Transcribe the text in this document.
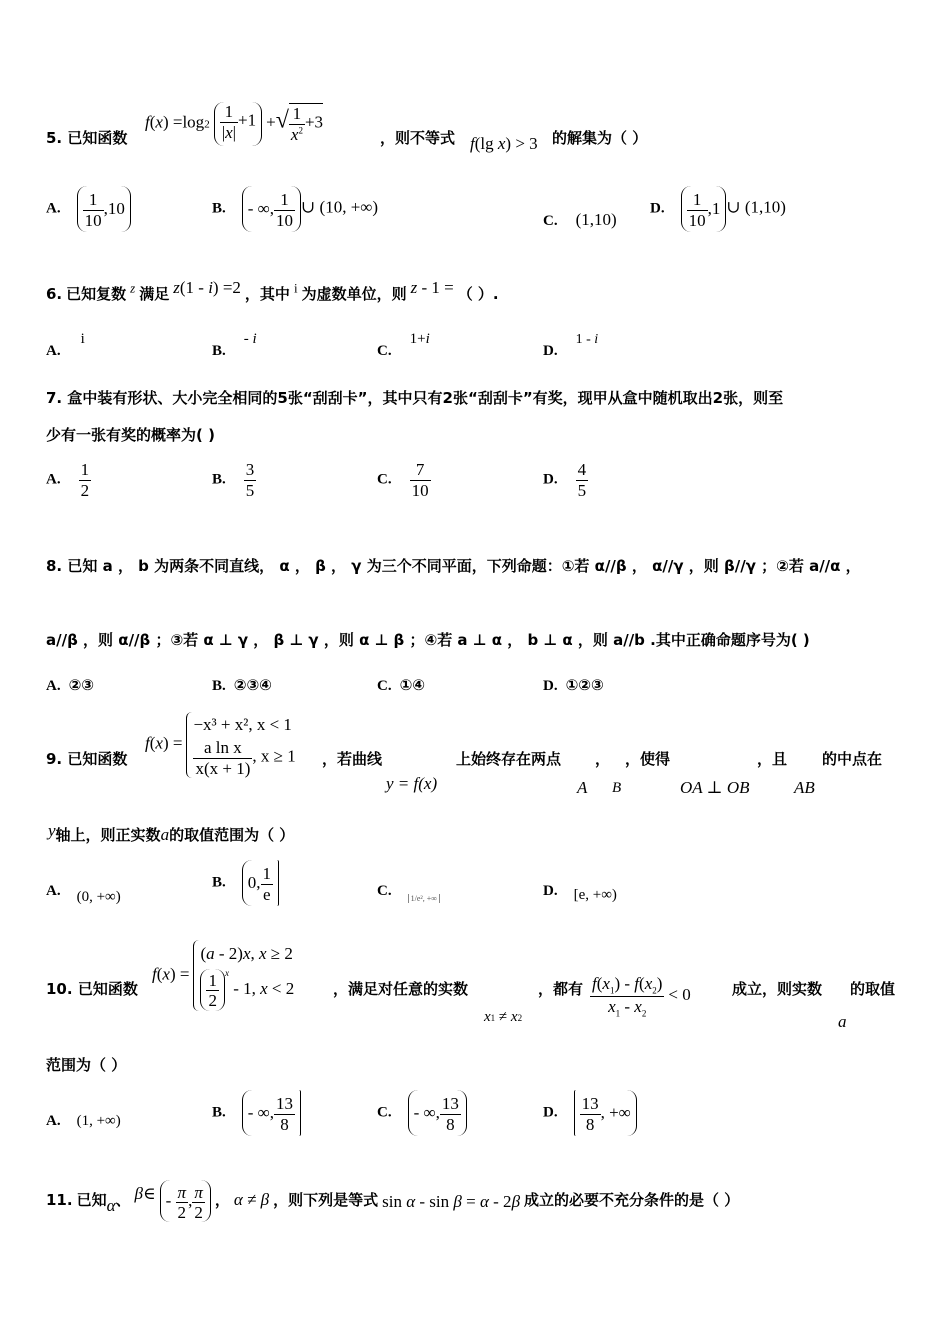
5. 已知函数
$f(x) =\log 2 \frac{1}{|x|} +1$ +√ $\frac{1}{x^2} +3$
，则不等式 f(lg x) > 3 的解集为（ ）
A. $\frac{1}{10} ,10$	B. - ∞, $\frac{1}{10}$ ∪ (10, +∞)
C. (1,10)
D. $\frac{1}{10} ,1$ ∪ (1,10)
6. 已知复数 $^z$ 满足 z(1 - i) =2 ，其中 $^i$ 为虚数单位，则 z - 1 = （ ）.
A. i
B. - i
C. 1+i
D. 1 - i
7. 盒中装有形状、大小完全相同的5张“刮刮卡”，其中只有2张“刮刮卡”有奖，现甲从盒中随机取出2张，则至
少有一张有奖的概率为( )
A. $\frac{1}{2}$	B. $\frac{3}{5}$	C. $\frac{7}{10}$	D. $\frac{4}{5}$
8. 已知 a ， b 为两条不同直线， α ， β ， γ 为三个不同平面，下列命题：①若 α//β ， α//γ ，则 β//γ ；②若 a//α ，
a//β ，则 α//β ；③若 α ⊥ γ ， β ⊥ γ ，则 α ⊥ β ；④若 a ⊥ α ， b ⊥ α ，则 a//b .其中正确命题序号为( )
A. ②③	B. ②③④	C. ①④	D. ①②③
9. 已知函数
f(x) =
−x³ + x², x < 1
$\frac{\text{a ln x}}{x(x + 1)}$ , x ≥ 1 ，若曲线	上始终存在两点 ， ，使得	，且 的中点在
y = f(x)	A B	OA ⊥ OB	AB
y轴上，则正实数a的取值范围为（ ）
A. (0, +∞)
B. 0, $\frac{1}{e}$	C. $_{1/e^2, +\infty}$	D. [e, +∞)
10. 已知函数
f(x) =
(a - 2)x, x ≥ 2
$\frac{1}{2} ^x - 1$, x < 2	，满足对任意的实数	，都有	成立，则实数 的取值
x1 ≠ x2	$\frac{f(x_1) - f(x_2)}{x_1 - x_2} < 0$
a
范围为（ ）
A. (1, +∞)
B. - ∞, $\frac{13}{8}$	C. - ∞, $\frac{13}{8}$	D. $\frac{13}{8}$ , +∞
11. 已知α、 β∈ - $\frac{\pi}{2}$ , $\frac{\pi}{2}$ ， α ≠ β ，则下列是等式 sin α - sin β = α - 2β 成立的必要不充分条件的是（ ）
